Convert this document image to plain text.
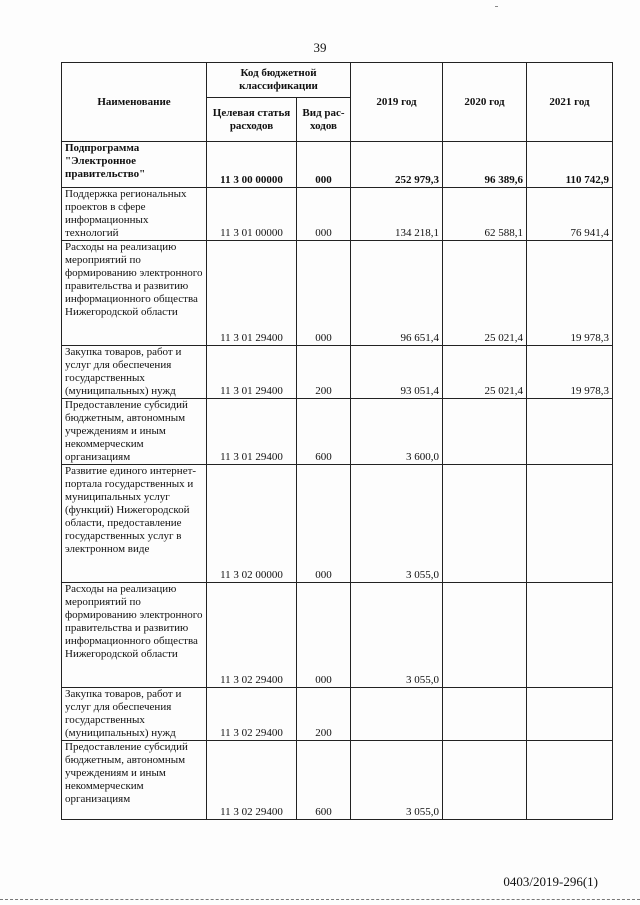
39
Наименование	Код бюджетной классификации		2019 год	2020 год	2021 год
	Целевая статья расходов	Вид рас-ходов			
Подпрограмма "Электронное правительство"	11 3 00 00000	000	252 979,3	96 389,6	110 742,9
Поддержка региональных проектов в сфере информационных технологий	11 3 01 00000	000	134 218,1	62 588,1	76 941,4
Расходы на реализацию мероприятий по формированию электронного правительства и развитию информационного общества Нижегородской области	11 3 01 29400	000	96 651,4	25 021,4	19 978,3
Закупка товаров, работ и услуг для обеспечения государственных (муниципальных) нужд	11 3 01 29400	200	93 051,4	25 021,4	19 978,3
Предоставление субсидий бюджетным, автономным учреждениям и иным некоммерческим организациям	11 3 01 29400	600	3 600,0		
Развитие единого интернет-портала государственных и муниципальных услуг (функций) Нижегородской области, предоставление государственных услуг в электронном виде	11 3 02 00000	000	3 055,0		
Расходы на реализацию мероприятий по формированию электронного правительства и развитию информационного общества Нижегородской области	11 3 02 29400	000	3 055,0		
Закупка товаров, работ и услуг для обеспечения государственных (муниципальных) нужд	11 3 02 29400	200			
Предоставление субсидий бюджетным, автономным учреждениям и иным некоммерческим организациям	11 3 02 29400	600	3 055,0		
0403/2019-296(1)
